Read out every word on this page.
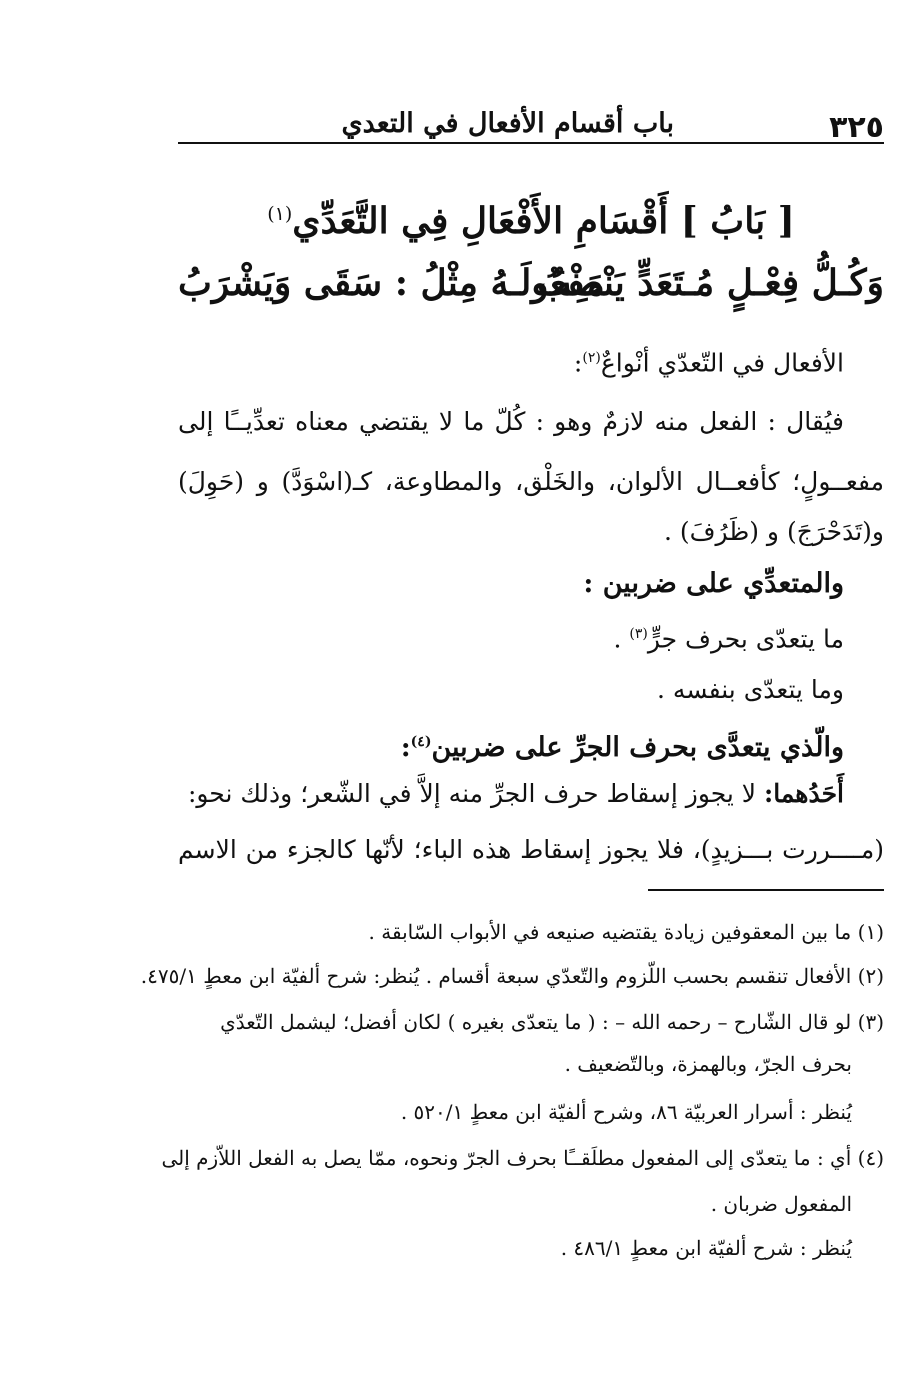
٣٢٥
باب أقسام الأفعال في التعدي
[ بَابُ ] أَقْسَامِ الأَفْعَالِ فِي التَّعَدِّي$^{(١)}$
وَكُـلُّ فِعْـلٍ مُـتَعَدٍّ يَنْصِبُ
مَفْعُولَـهُ مِثْلُ : سَقَى وَيَشْرَبُ
الأفعال في التّعدّي أنْواعٌ$^{(٢)}$:
فيُقال : الفعل منه لازمٌ وهو : كُلّ ما لا يقتضي معناه تعدِّيــًا إلى
مفعــولٍ؛ كأفعــال الألوان، والخَلْق، والمطاوعة، كـ(اسْوَدَّ) و (حَوِلَ)
و(تَدَحْرَجَ) و (ظَرُفَ) .
والمتعدِّي على ضربين :
ما يتعدّى بحرف جرٍّ$^{(٣)}$ .
وما يتعدّى بنفسه .
والّذي يتعدَّى بحرف الجرِّ على ضربين$^{(٤)}$:
أَحَدُهما: لا يجوز إسقاط حرف الجرِّ منه إلاَّ في الشّعر؛ وذلك نحو:
(مــــررت بـــزيدٍ)، فلا يجوز إسقاط هذه الباء؛ لأنّها كالجزء من الاسم
(١) ما بين المعقوفين زيادة يقتضيه صنيعه في الأبواب السّابقة .
(٢) الأفعال تنقسم بحسب اللّزوم والتّعدّي سبعة أقسام . يُنظر: شرح ألفيّة ابن معطٍ ٤٧٥/١.
(٣) لو قال الشّارح – رحمه الله – : ( ما يتعدّى بغيره ) لكان أفضل؛ ليشمل التّعدّي
بحرف الجرّ، وبالهمزة، وبالتّضعيف .
يُنظر : أسرار العربيّة ٨٦، وشرح ألفيّة ابن معطٍ ٥٢٠/١ .
(٤) أي : ما يتعدّى إلى المفعول مطلَقــًا بحرف الجرّ ونحوه، ممّا يصل به الفعل اللاّزم إلى
المفعول ضربان .
يُنظر : شرح ألفيّة ابن معطٍ ٤٨٦/١ .
